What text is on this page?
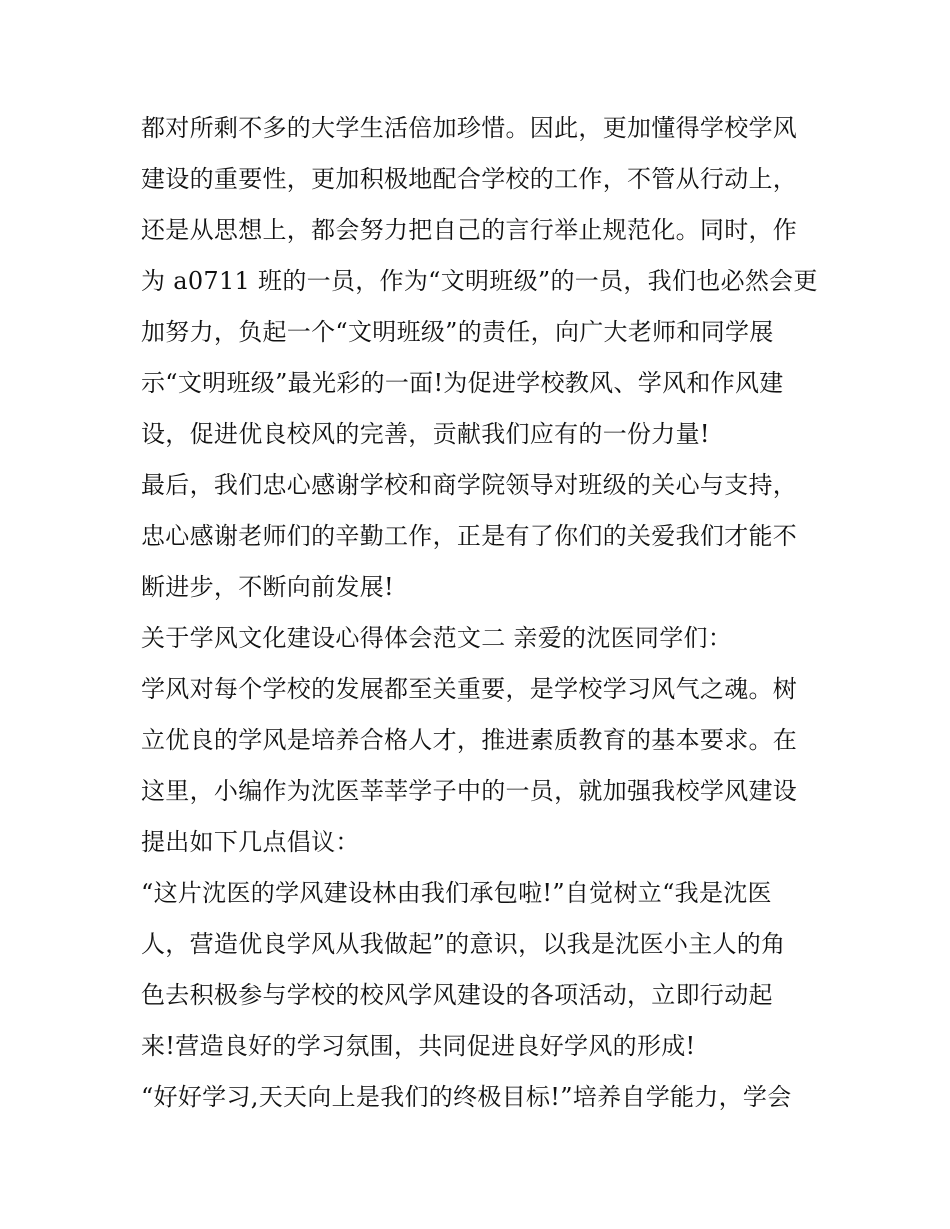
都对所剩不多的大学生活倍加珍惜。因此，更加懂得学校学风
建设的重要性，更加积极地配合学校的工作，不管从行动上，
还是从思想上，都会努力把自己的言行举止规范化。同时，作
为 a0711 班的一员，作为“文明班级”的一员，我们也必然会更
加努力，负起一个“文明班级”的责任，向广大老师和同学展
示“文明班级”最光彩的一面!为促进学校教风、学风和作风建
设，促进优良校风的完善，贡献我们应有的一份力量!
最后，我们忠心感谢学校和商学院领导对班级的关心与支持，
忠心感谢老师们的辛勤工作，正是有了你们的关爱我们才能不
断进步，不断向前发展!
关于学风文化建设心得体会范文二 亲爱的沈医同学们：
学风对每个学校的发展都至关重要，是学校学习风气之魂。树
立优良的学风是培养合格人才，推进素质教育的基本要求。在
这里，小编作为沈医莘莘学子中的一员，就加强我校学风建设
提出如下几点倡议：
“这片沈医的学风建设林由我们承包啦!”自觉树立“我是沈医
人，营造优良学风从我做起”的意识，以我是沈医小主人的角
色去积极参与学校的校风学风建设的各项活动，立即行动起
来!营造良好的学习氛围，共同促进良好学风的形成!
“好好学习,天天向上是我们的终极目标!”培养自学能力，学会
